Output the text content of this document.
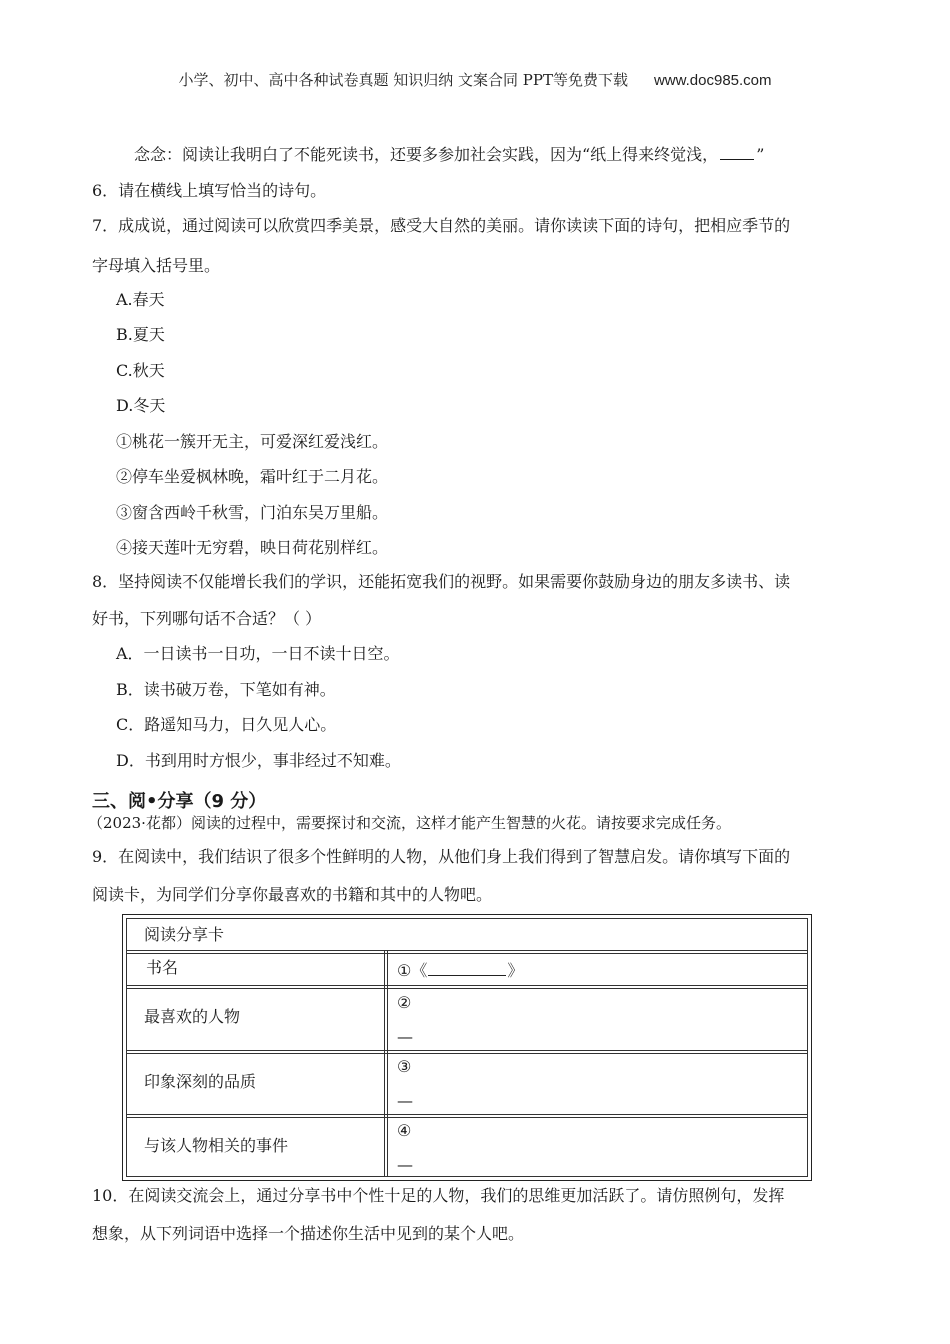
小学、初中、高中各种试卷真题 知识归纳 文案合同 PPT等免费下载 www.doc985.com
念念：阅读让我明白了不能死读书，还要多参加社会实践，因为“纸上得来终觉浅， ”
6．请在横线上填写恰当的诗句。
7．成成说，通过阅读可以欣赏四季美景，感受大自然的美丽。请你读读下面的诗句，把相应季节的
字母填入括号里。
A.春天
B.夏天
C.秋天
D.冬天
①桃花一簇开无主，可爱深红爱浅红。
②停车坐爱枫林晚，霜叶红于二月花。
③窗含西岭千秋雪，门泊东吴万里船。
④接天莲叶无穷碧，映日荷花别样红。
8．坚持阅读不仅能增长我们的学识，还能拓宽我们的视野。如果需要你鼓励身边的朋友多读书、读
好书，下列哪句话不合适？（ ）
A．一日读书一日功，一日不读十日空。
B．读书破万卷，下笔如有神。
C．路遥知马力，日久见人心。
D．书到用时方恨少，事非经过不知难。
三、阅•分享（9 分）
（2023·花都）阅读的过程中，需要探讨和交流，这样才能产生智慧的火花。请按要求完成任务。
9．在阅读中，我们结识了很多个性鲜明的人物，从他们身上我们得到了智慧启发。请你填写下面的
阅读卡，为同学们分享你最喜欢的书籍和其中的人物吧。
阅读分享卡
书名	①《	》
最喜欢的人物
②
—
印象深刻的品质
③
—
与该人物相关的事件
④
—
10．在阅读交流会上，通过分享书中个性十足的人物，我们的思维更加活跃了。请仿照例句，发挥
想象，从下列词语中选择一个描述你生活中见到的某个人吧。
